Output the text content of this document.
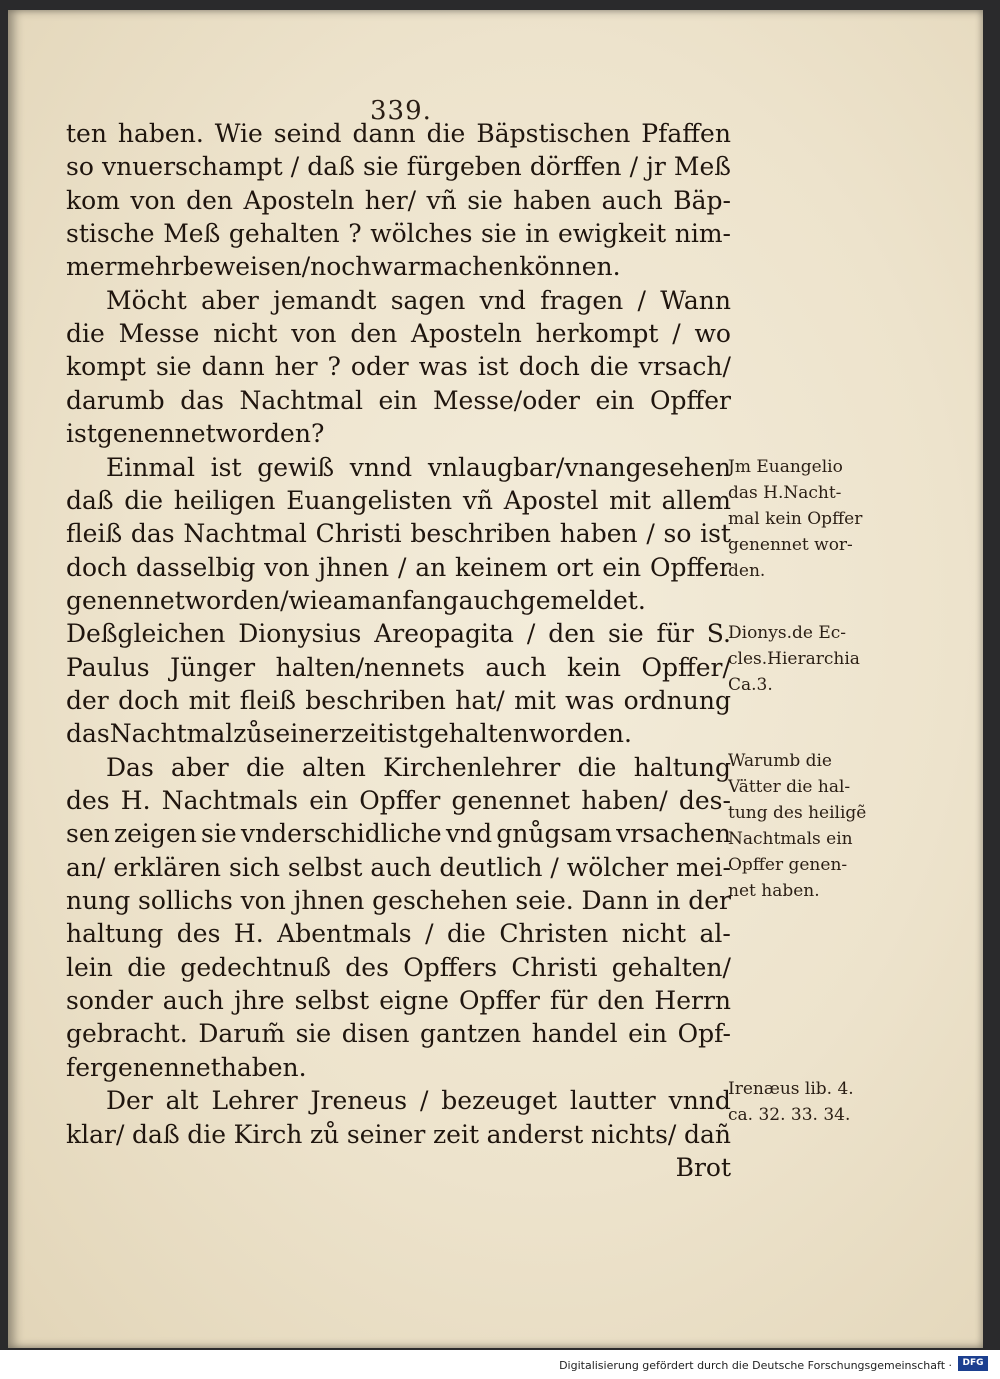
339.
ten haben. Wie seind dann die Bäpstischen Pfaffen
so vnuerschampt / daß sie fürgeben dörffen / jr Meß
kom von den Aposteln her/ vñ sie haben auch Bäp-
stische Meß gehalten ? wölches sie in ewigkeit nim-
mermehr beweisen/ noch war machen können.
Möcht aber jemandt sagen vnd fragen / Wann
die Messe nicht von den Aposteln herkompt / wo
kompt sie dann her ? oder was ist doch die vrsach/
darumb das Nachtmal ein Messe/oder ein Opffer
ist genennet worden ?
Einmal ist gewiß vnnd vnlaugbar/vnangesehen
daß die heiligen Euangelisten vñ Apostel mit allem
fleiß das Nachtmal Christi beschriben haben / so ist
doch dasselbig von jhnen / an keinem ort ein Opffer
genennet worden / wie am anfang auch gemeldet.
Deßgleichen Dionysius Areopagita / den sie für S.
Paulus Jünger halten/nennets auch kein Opffer/
der doch mit fleiß beschriben hat/ mit was ordnung
das Nachtmal zů seiner zeit ist gehalten worden.
Das aber die alten Kirchenlehrer die haltung
des H. Nachtmals ein Opffer genennet haben/ des-
sen zeigen sie vnderschidliche vnd gnůgsam vrsachen
an/ erklären sich selbst auch deutlich / wölcher mei-
nung sollichs von jhnen geschehen seie. Dann in der
haltung des H. Abentmals / die Christen nicht al-
lein die gedechtnuß des Opffers Christi gehalten/
sonder auch jhre selbst eigne Opffer für den Herrn
gebracht. Darum̃ sie disen gantzen handel ein Opf-
fer genennet haben.
Der alt Lehrer Jreneus / bezeuget lautter vnnd
klar/ daß die Kirch zů seiner zeit anderst nichts/ dañ
Brot
Jm Euangelio
das H.Nacht-
mal kein Opffer
genennet wor-
den.
Dionys.de Ec-
cles.Hierarchia
Ca.3.
Warumb die
Vätter die hal-
tung des heiligẽ
Nachtmals ein
Opffer genen-
net haben.
Irenæus lib. 4.
ca. 32. 33. 34.
Digitalisierung gefördert durch die Deutsche Forschungsgemeinschaft ·	DFG
